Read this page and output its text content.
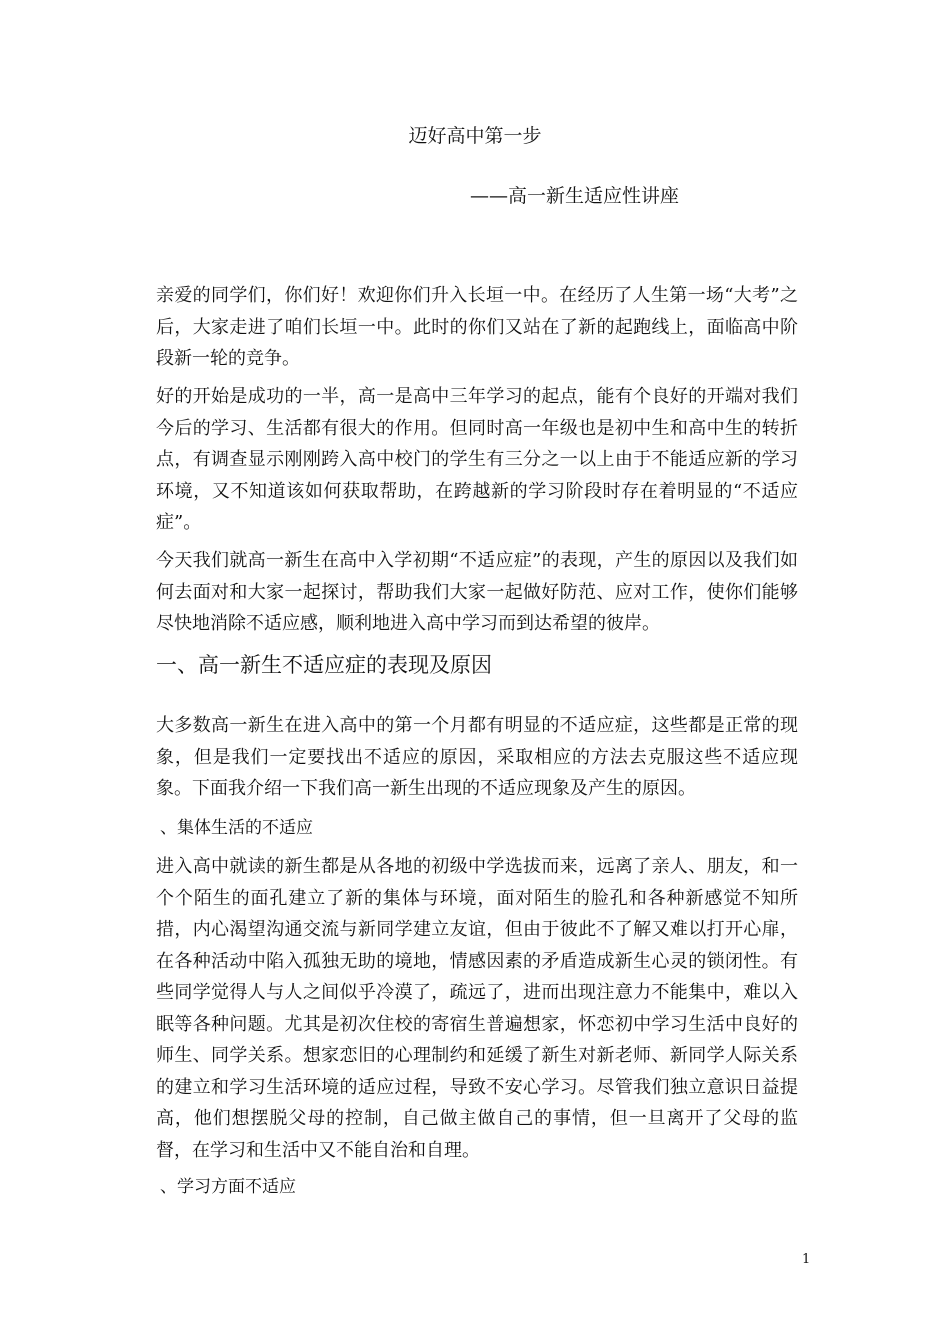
迈好高中第一步
——高一新生适应性讲座

亲爱的同学们，你们好！欢迎你们升入长垣一中。在经历了人生第一场“大考”之后，大家走进了咱们长垣一中。此时的你们又站在了新的起跑线上，面临高中阶段新一轮的竞争。

好的开始是成功的一半，高一是高中三年学习的起点，能有个良好的开端对我们今后的学习、生活都有很大的作用。但同时高一年级也是初中生和高中生的转折点，有调查显示刚刚跨入高中校门的学生有三分之一以上由于不能适应新的学习环境，又不知道该如何获取帮助，在跨越新的学习阶段时存在着明显的“不适应症”。

今天我们就高一新生在高中入学初期“不适应症”的表现，产生的原因以及我们如何去面对和大家一起探讨，帮助我们大家一起做好防范、应对工作，使你们能够尽快地消除不适应感，顺利地进入高中学习而到达希望的彼岸。

一、高一新生不适应症的表现及原因

大多数高一新生在进入高中的第一个月都有明显的不适应症，这些都是正常的现象，但是我们一定要找出不适应的原因，采取相应的方法去克服这些不适应现象。下面我介绍一下我们高一新生出现的不适应现象及产生的原因。

、集体生活的不适应

进入高中就读的新生都是从各地的初级中学选拔而来，远离了亲人、朋友，和一个个陌生的面孔建立了新的集体与环境，面对陌生的脸孔和各种新感觉不知所措，内心渴望沟通交流与新同学建立友谊，但由于彼此不了解又难以打开心扉，在各种活动中陷入孤独无助的境地，情感因素的矛盾造成新生心灵的锁闭性。有些同学觉得人与人之间似乎冷漠了，疏远了，进而出现注意力不能集中，难以入眠等各种问题。尤其是初次住校的寄宿生普遍想家，怀恋初中学习生活中良好的师生、同学关系。想家恋旧的心理制约和延缓了新生对新老师、新同学人际关系的建立和学习生活环境的适应过程，导致不安心学习。尽管我们独立意识日益提高，他们想摆脱父母的控制，自己做主做自己的事情，但一旦离开了父母的监督，在学习和生活中又不能自治和自理。

、学习方面不适应
1
